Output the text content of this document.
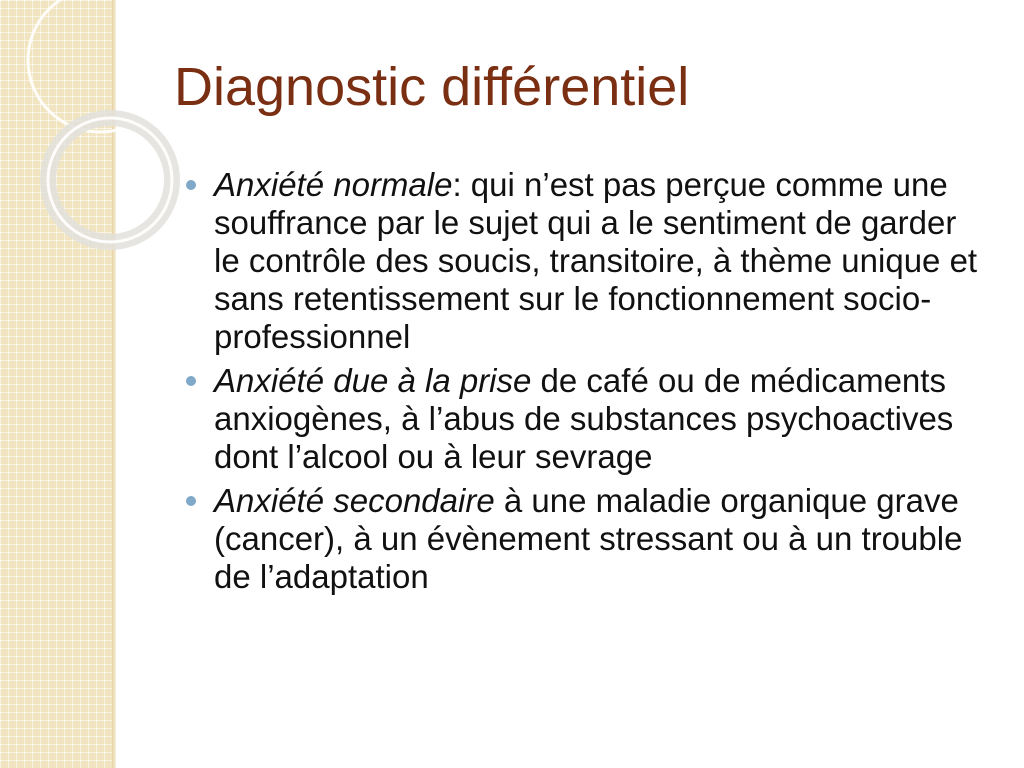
Diagnostic différentiel
Anxiété normale: qui n’est pas perçue comme une souffrance par le sujet qui a le sentiment de garder le contrôle des soucis, transitoire, à thème unique et sans retentissement sur le fonctionnement socio-professionnel
Anxiété due à la prise de café ou de médicaments anxiogènes, à l’abus de substances psychoactives dont l’alcool ou à leur sevrage
Anxiété secondaire à une maladie organique grave (cancer), à un évènement stressant ou à un trouble de l’adaptation
